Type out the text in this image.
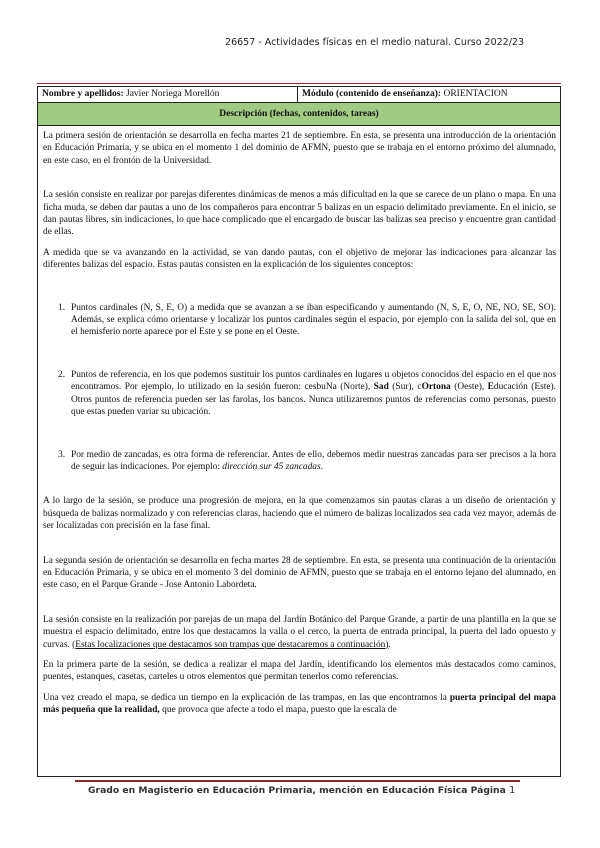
26657 - Actividades físicas en el medio natural. Curso 2022/23
Nombre y apellidos: Javier Noriega Morellón	Módulo (contenido de enseñanza): ORIENTACION
Descripción (fechas, contenidos, tareas)

La primera sesión de orientación se desarrolla en fecha martes 21 de septiembre. En esta, se presenta una introducción de la orientación en Educación Primaria, y se ubica en el momento 1 del dominio de AFMN, puesto que se trabaja en el entorno próximo del alumnado, en este caso, en el frontón de la Universidad.

La sesión consiste en realizar por parejas diferentes dinámicas de menos a más dificultad en la que se carece de un plano o mapa. En una ficha muda, se deben dar pautas a uno de los compañeros para encontrar 5 balizas en un espacio delimitado previamente. En el inicio, se dan pautas libres, sin indicaciones, lo que hace complicado que el encargado de buscar las balizas sea preciso y encuentre gran cantidad de ellas.

A medida que se va avanzando en la actividad, se van dando pautas, con el objetivo de mejorar las indicaciones para alcanzar las diferentes balizas del espacio. Estas pautas consisten en la explicación de los siguientes conceptos:

1. Puntos cardinales (N, S, E, O) a medida que se avanzan a se iban especificando y aumentando (N, S, E, O, NE, NO, SE, SO). Además, se explica cómo orientarse y localizar los puntos cardinales según el espacio, por ejemplo con la salida del sol, que en el hemisferio norte aparece por el Este y se pone en el Oeste.

2. Puntos de referencia, en los que podemos sustituir los puntos cardinales en lugares u objetos conocidos del espacio en el que nos encontramos. Por ejemplo, lo utilizado en la sesión fueron: cesbuNa (Norte), Sad (Sur), cOrtona (Oeste), Educación (Este). Otros puntos de referencia pueden ser las farolas, los bancos. Nunca utilizaremos puntos de referencias como personas, puesto que estas pueden variar su ubicación.

3. Por medio de zancadas, es otra forma de referenciar. Antes de ello, debemos medir nuestras zancadas para ser precisos a la hora de seguir las indicaciones. Por ejemplo: dirección sur 45 zancadas.

A lo largo de la sesión, se produce una progresión de mejora, en la que comenzamos sin pautas claras a un diseño de orientación y búsqueda de balizas normalizado y con referencias claras, haciendo que el número de balizas localizados sea cada vez mayor, además de ser localizadas con precisión en la fase final.

La segunda sesión de orientación se desarrolla en fecha martes 28 de septiembre. En esta, se presenta una continuación de la orientación en Educación Primaria, y se ubica en el momento 3 del dominio de AFMN, puesto que se trabaja en el entorno lejano del alumnado, en este caso, en el Parque Grande - Jose Antonio Labordeta.

La sesión consiste en la realización por parejas de un mapa del Jardín Botánico del Parque Grande, a partir de una plantilla en la que se muestra el espacio delimitado, entre los que destacamos la valla o el cerco, la puerta de entrada principal, la puerta del lado opuesto y curvas. (Estas localizaciones que destacamos son trampas que destacaremos a continuación).

En la primera parte de la sesión, se dedica a realizar el mapa del Jardín, identificando los elementos más destacados como caminos, puentes, estanques, casetas, carteles u otros elementos que permitan tenerlos como referencias.

Una vez creado el mapa, se dedica un tiempo en la explicación de las trampas, en las que encontramos la puerta principal del mapa más pequeña que la realidad, que provoca que afecte a todo el mapa, puesto que la escala de

Grado en Magisterio en Educación Primaria, mención en Educación Física Página 1
